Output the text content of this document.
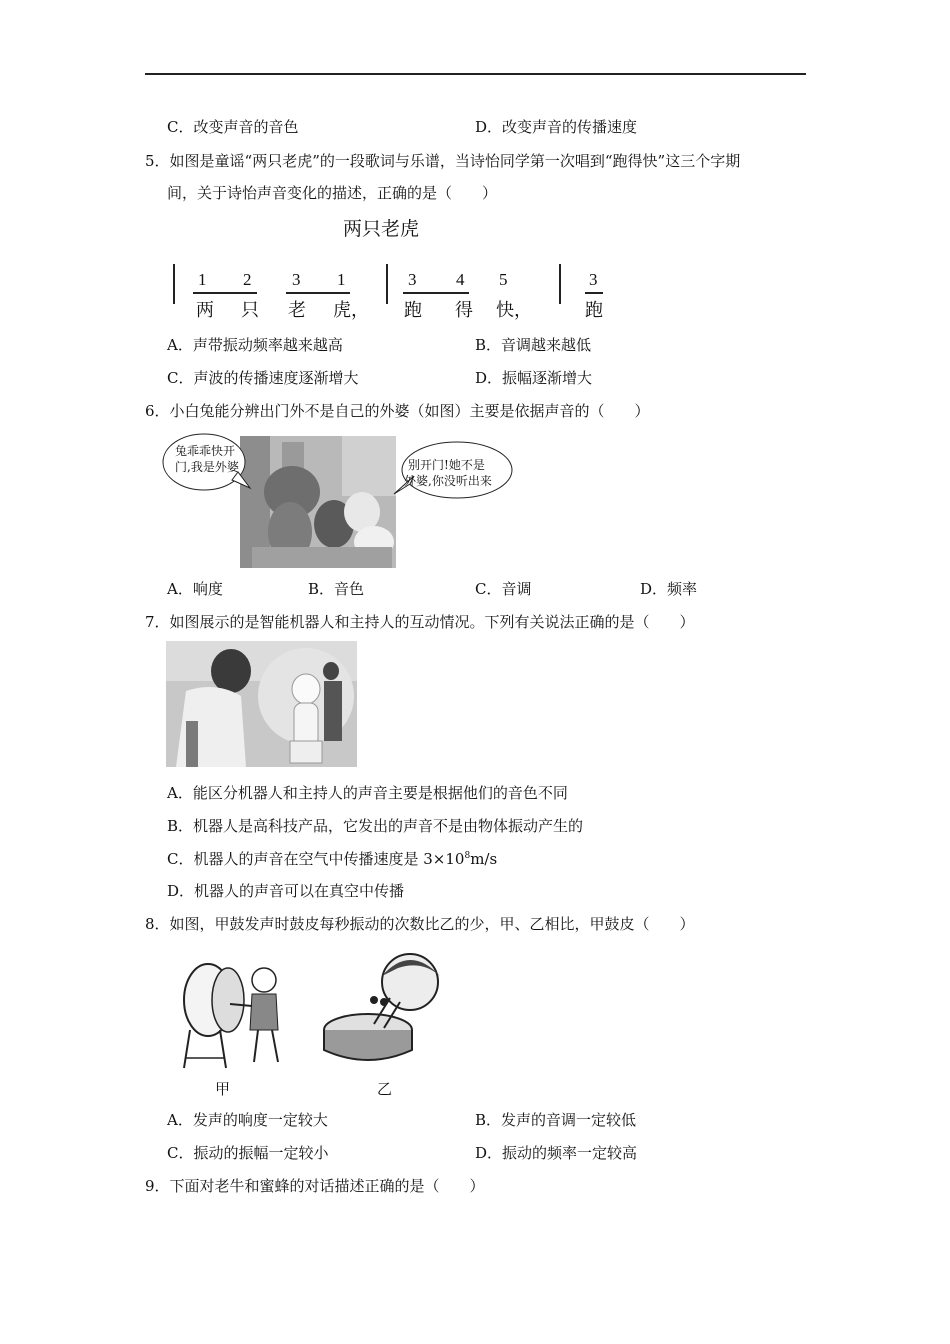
C．改变声音的音色	D．改变声音的传播速度
5．如图是童谣“两只老虎”的一段歌词与乐谱，当诗怡同学第一次唱到“跑得快”这三个字期
间，关于诗怡声音变化的描述，正确的是（　　）
两只老虎
1 2 3 1	3 4 5	3
两 只 老 虎， 跑 得 快，	跑
A．声带振动频率越来越高	B．音调越来越低
C．声波的传播速度逐渐增大	D．振幅逐渐增大
6．小白兔能分辨出门外不是自己的外婆（如图）主要是依据声音的（　　）
兔乖乖快开
门,我是外婆	别开门!她不是
外婆,你没听出来
A．响度	B．音色	C．音调	D．频率
7．如图展示的是智能机器人和主持人的互动情况。下列有关说法正确的是（　　）
A．能区分机器人和主持人的声音主要是根据他们的音色不同
B．机器人是高科技产品，它发出的声音不是由物体振动产生的
C．机器人的声音在空气中传播速度是 $3\times 10^8m/s$
D．机器人的声音可以在真空中传播
8．如图，甲鼓发声时鼓皮每秒振动的次数比乙的少，甲、乙相比，甲鼓皮（　　）
甲	乙
A．发声的响度一定较大	B．发声的音调一定较低
C．振动的振幅一定较小	D．振动的频率一定较高
9．下面对老牛和蜜蜂的对话描述正确的是（　　）
